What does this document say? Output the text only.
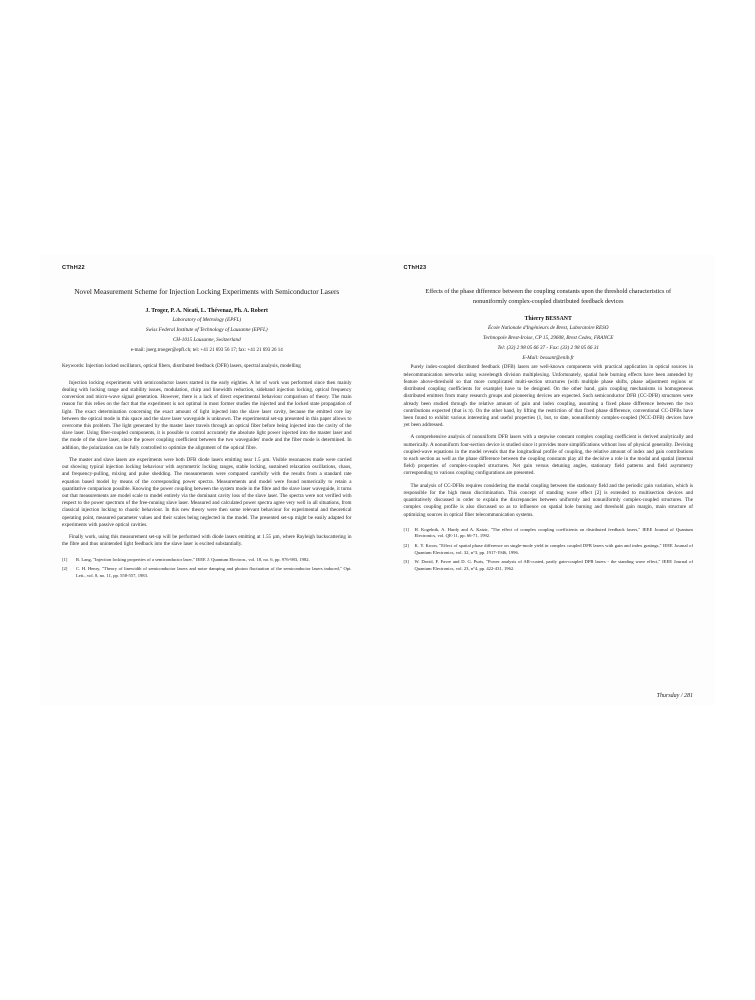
CThH22
Novel Measurement Scheme for Injection Locking Experiments with Semiconductor Lasers
J. Troger, P. A. Nicati, L. Thévenaz, Ph. A. Robert
Laboratory of Metrology (EPFL)
Swiss Federal Institute of Technology of Lausanne (EPFL)
CH-1015 Lausanne, Switzerland
e-mail: joerg.troeger@epfl.ch; tel: +41 21 693 56 17; fax: +41 21 693 26 14
Keywords: Injection locked oscillators, optical fibers, distributed feedback (DFB) lasers, spectral analysis, modelling

Injection locking experiments with semiconductor lasers started in the early eighties. A lot of work was performed since then mainly dealing with locking range and stability issues, modulation, chirp and linewidth reduction, sideband injection locking, optical frequency conversion and micro-wave signal generation. However, there is a lack of direct experimental behaviour comparison of theory. The main reason for this relies on the fact that the experiment is not optimal in most former studies the injected and the locked state propagation of light. The exact determination concerning the exact amount of light injected into the slave laser cavity, because the emitted core lay between the optical mode in this space and the slave laser waveguide is unknown. The experimental set-up presented in this paper allows to overcome this problem. The light generated by the master laser travels through an optical fiber before being injected into the cavity of the slave laser. Using fiber-coupled components, it is possible to control accurately the absolute light power injected into the master laser and the mode of the slave laser, since the power coupling coefficient between the two waveguides' mode and the fiber mode is determined. In addition, the polarization can be fully controlled to optimize the alignment of the optical fibre.

The master and slave lasers are experiments were both DFB diode lasers emitting near 1.5 µm. Visible resonances made were carried out showing typical injection locking behaviour with asymmetric locking ranges, stable locking, sustained relaxation oscillations, chaos, and frequency-pulling, mixing and pulse shedding. The measurements were compared carefully with the results from a standard rate equation based model by means of the corresponding power spectra. Measurements and model were found numerically to retain a quantitative comparison possible. Knowing the power coupling between the system mode in the fibre and the slave laser waveguide, it turns out that measurements are model scale to model entirely via the dominant cavity loss of the slave laser. The spectra were not verified with respect to the power spectrum of the free-running slave laser. Measured and calculated power spectra agree very well in all situations, from classical injection locking to chaotic behaviour. In this new theory were then some relevant behaviour for experimental and theoretical operating point, measured parameter values and their scales being neglected in the model. The presented set-up might be easily adapted for experiments with passive optical cavities.

Finally work, using this measurement set-up will be performed with diode lasers emitting at 1.55 µm, where Rayleigh backscattering in the fibre and thus unintended light feedback into the slave laser is excited substantially.

[1]	R. Lang, "Injection locking properties of a semiconductor laser," IEEE J. Quantum Electron., vol. 18, no. 6, pp. 976-983, 1982.
[2]	C. H. Henry, "Theory of linewidth of semiconductor lasers and noise damping and photon fluctuation of the semiconductor lasers induced," Opt. Lett., vol. 8, no. 11, pp. 558-557, 1983.
CThH23
Effects of the phase difference between the coupling constants upon the threshold characteristics of nonuniformly complex-coupled distributed feedback devices
Thierry BESSANT
École Nationale d'Ingénieurs de Brest, Laboratoire RESO
Technopole Brest-Iroise, CP 15, 29608, Brest Cedex, FRANCE
Tel: (33) 2 98 05 66 37 - Fax: (33) 2 98 05 66 31
E-Mail: bessant@enib.fr

Purely index-coupled distributed feedback (DFB) lasers are well-known components with practical application in optical sources in telecommunication networks using wavelength division multiplexing. Unfortunately, spatial hole burning effects have been amended by feature above-threshold so that more complicated multi-section structures (with multiple phase shifts, phase adjustment regions or distributed coupling coefficients for example) have to be designed. On the other hand, gain coupling mechanisms in homogeneous distributed emitters from many research groups and pioneering devices are expected. Such semiconductor DFB (CC-DFB) structures were already been studied through the relative amount of gain and index coupling, assuming a fixed phase difference between the two contributions expected (that is π). On the other hand, by lifting the restriction of that fixed phase difference, conventional CC-DFBs have been found to exhibit various interesting and useful properties (1, but, to date, nonuniformly complex-coupled (NCC-DFB) devices have yet been addressed.

A comprehensive analysis of nonuniform DFB lasers with a stepwise constant complex coupling coefficient is derived analytically and numerically. A nonuniform four-section device is studied since it provides more simplifications without loss of physical generality. Devising coupled-wave equations in the model reveals that the longitudinal profile of coupling, the relative amount of index and gain contributions to each section as well as the phase difference between the coupling constants play all the decisive a role in the modal and spatial (internal field) properties of complex-coupled structures. Net gain versus detuning angles, stationary field patterns and field asymmetry corresponding to various coupling configurations are presented.

The analysis of CC-DFBs requires considering the modal coupling between the stationary field and the periodic gain variation, which is responsible for the high mean discrimination. This concept of standing wave effect [2] is extended to multisection devices and quantitatively discussed in order to explain the discrepancies between uniformly and nonuniformly complex-coupled structures. The complex coupling profile is also discussed so as to influence on spatial hole burning and threshold gain margin, main structure of optimizing sources in optical fiber telecommunication systems.

[1]	H. Kogelnik, A. Hardy and A. Katzir, "The effect of complex coupling coefficients on distributed feedback lasers," IEEE Journal of Quantum Electronics, vol. QE-11, pp. 66-71, 1992.
[2]	K. Y. Kwon, "Effect of spatial phase difference on single-mode yield in complex coupled DFB lasers with gain and index gratings," IEEE Journal of Quantum Electronics, vol. 32, n°3, pp. 1917-1946, 1996.
[3]	W. David, F. Favre and D. G. Puris, "Power analysis of AR-coated, partly gain-coupled DFB lasers - the standing wave effect," IEEE Journal of Quantum Electronics, vol. 23, n°4, pp. 422-431, 1962.
Thursday / 281
